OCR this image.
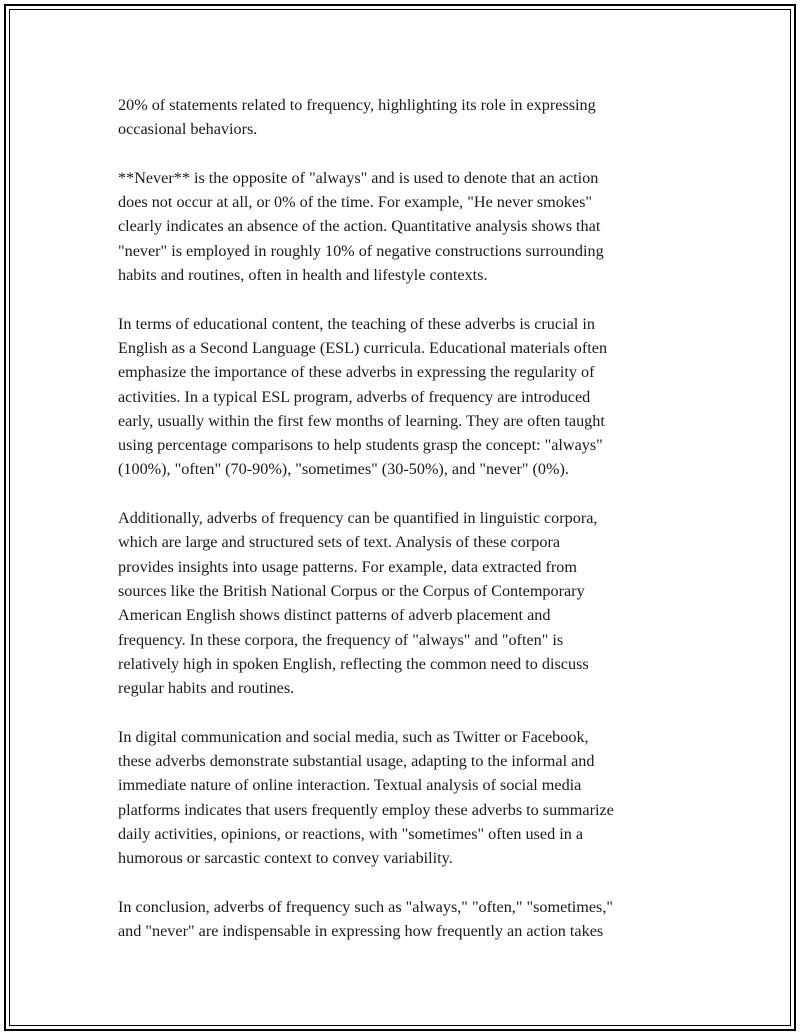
20% of statements related to frequency, highlighting its role in expressing
occasional behaviors.

**Never** is the opposite of "always" and is used to denote that an action
does not occur at all, or 0% of the time. For example, "He never smokes"
clearly indicates an absence of the action. Quantitative analysis shows that
"never" is employed in roughly 10% of negative constructions surrounding
habits and routines, often in health and lifestyle contexts.

In terms of educational content, the teaching of these adverbs is crucial in
English as a Second Language (ESL) curricula. Educational materials often
emphasize the importance of these adverbs in expressing the regularity of
activities. In a typical ESL program, adverbs of frequency are introduced
early, usually within the first few months of learning. They are often taught
using percentage comparisons to help students grasp the concept: "always"
(100%), "often" (70-90%), "sometimes" (30-50%), and "never" (0%).

Additionally, adverbs of frequency can be quantified in linguistic corpora,
which are large and structured sets of text. Analysis of these corpora
provides insights into usage patterns. For example, data extracted from
sources like the British National Corpus or the Corpus of Contemporary
American English shows distinct patterns of adverb placement and
frequency. In these corpora, the frequency of "always" and "often" is
relatively high in spoken English, reflecting the common need to discuss
regular habits and routines.

In digital communication and social media, such as Twitter or Facebook,
these adverbs demonstrate substantial usage, adapting to the informal and
immediate nature of online interaction. Textual analysis of social media
platforms indicates that users frequently employ these adverbs to summarize
daily activities, opinions, or reactions, with "sometimes" often used in a
humorous or sarcastic context to convey variability.

In conclusion, adverbs of frequency such as "always," "often," "sometimes,"
and "never" are indispensable in expressing how frequently an action takes
